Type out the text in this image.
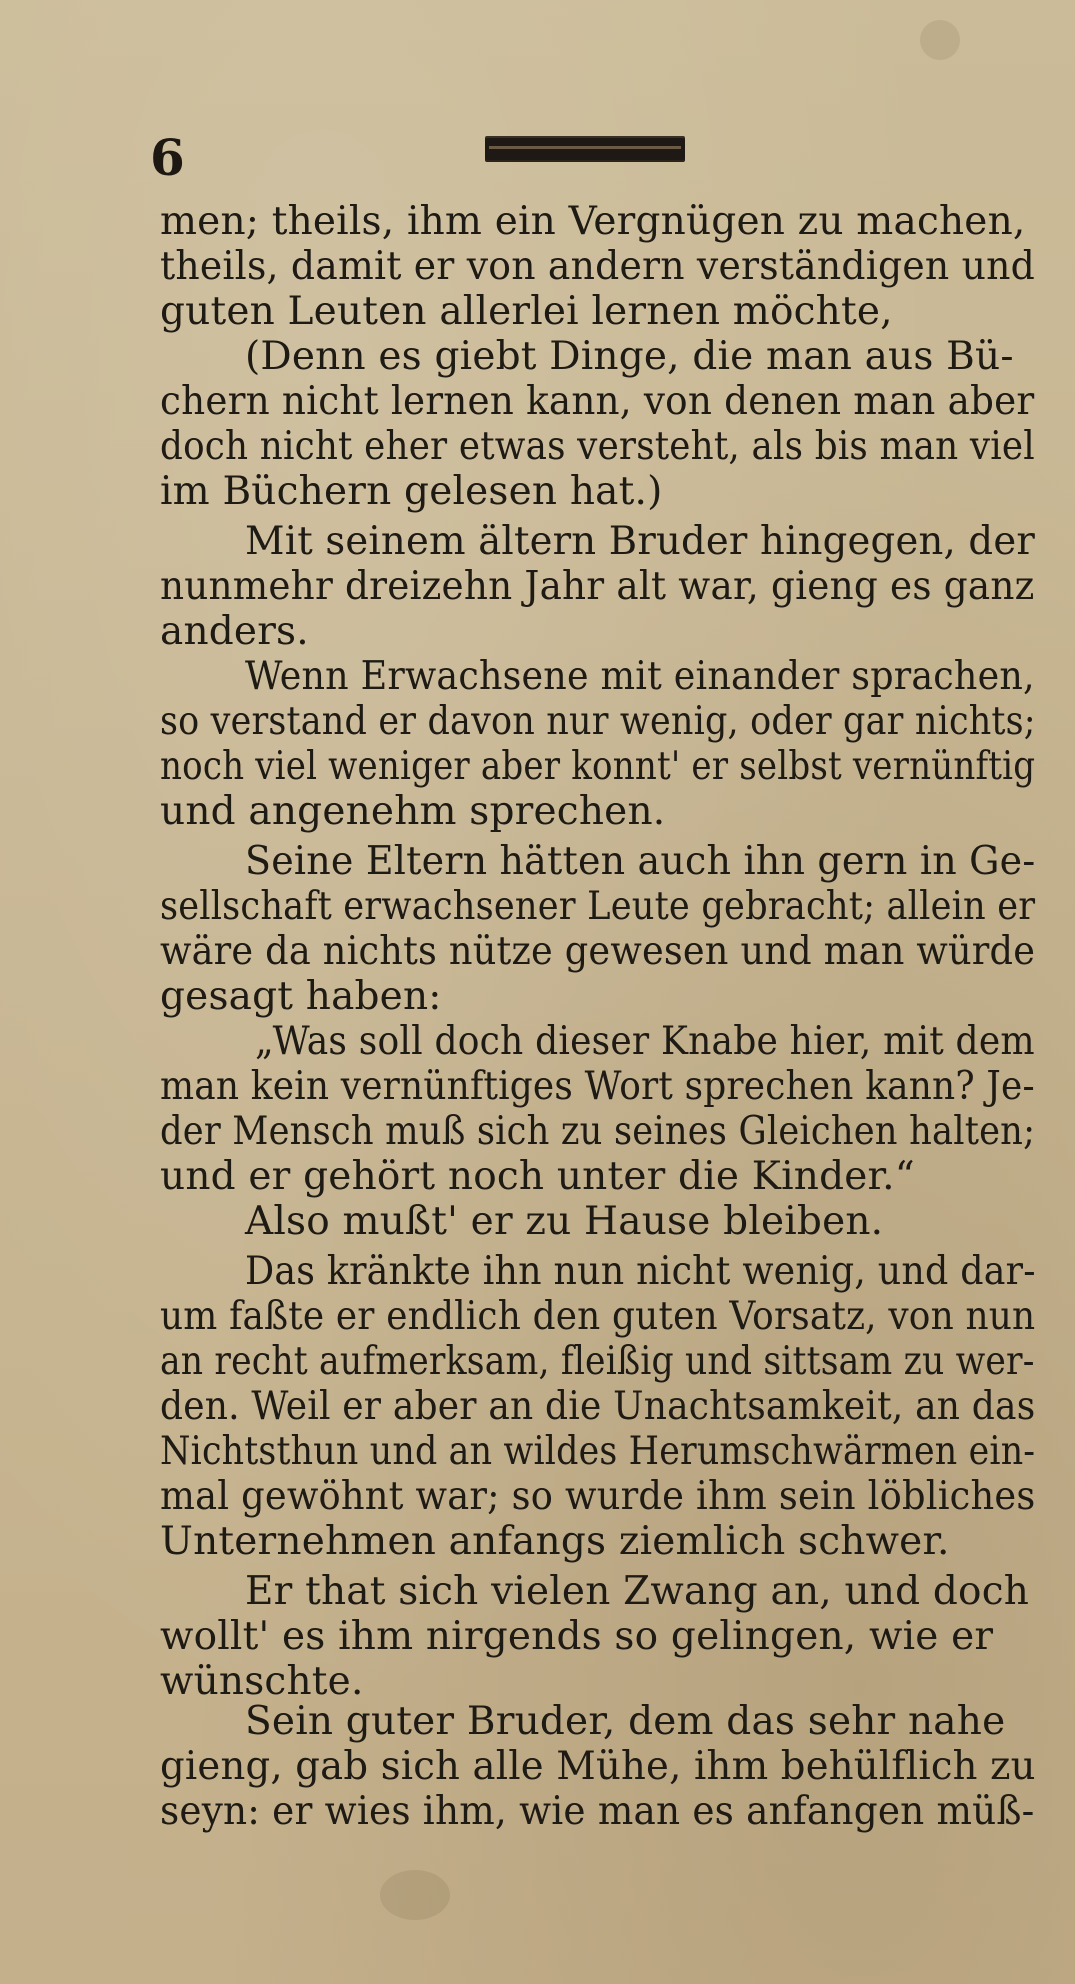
6
men; theils, ihm ein Vergnügen zu machen,
theils, damit er von andern verständigen und
guten Leuten allerlei lernen möchte,
(Denn es giebt Dinge, die man aus Bü-
chern nicht lernen kann, von denen man aber
doch nicht eher etwas versteht, als bis man viel
im Büchern gelesen hat.)
Mit seinem ältern Bruder hingegen, der
nunmehr dreizehn Jahr alt war, gieng es ganz
anders.
Wenn Erwachsene mit einander sprachen,
so verstand er davon nur wenig, oder gar nichts;
noch viel weniger aber konnt' er selbst vernünftig
und angenehm sprechen.
Seine Eltern hätten auch ihn gern in Ge-
sellschaft erwachsener Leute gebracht; allein er
wäre da nichts nütze gewesen und man würde
gesagt haben:
„Was soll doch dieser Knabe hier, mit dem
man kein vernünftiges Wort sprechen kann? Je-
der Mensch muß sich zu seines Gleichen halten;
und er gehört noch unter die Kinder.“
Also mußt' er zu Hause bleiben.
Das kränkte ihn nun nicht wenig, und dar-
um faßte er endlich den guten Vorsatz, von nun
an recht aufmerksam, fleißig und sittsam zu wer-
den. Weil er aber an die Unachtsamkeit, an das
Nichtsthun und an wildes Herumschwärmen ein-
mal gewöhnt war; so wurde ihm sein löbliches
Unternehmen anfangs ziemlich schwer.
Er that sich vielen Zwang an, und doch
wollt' es ihm nirgends so gelingen, wie er
wünschte.
Sein guter Bruder, dem das sehr nahe
gieng, gab sich alle Mühe, ihm behülflich zu
seyn: er wies ihm, wie man es anfangen müß-
